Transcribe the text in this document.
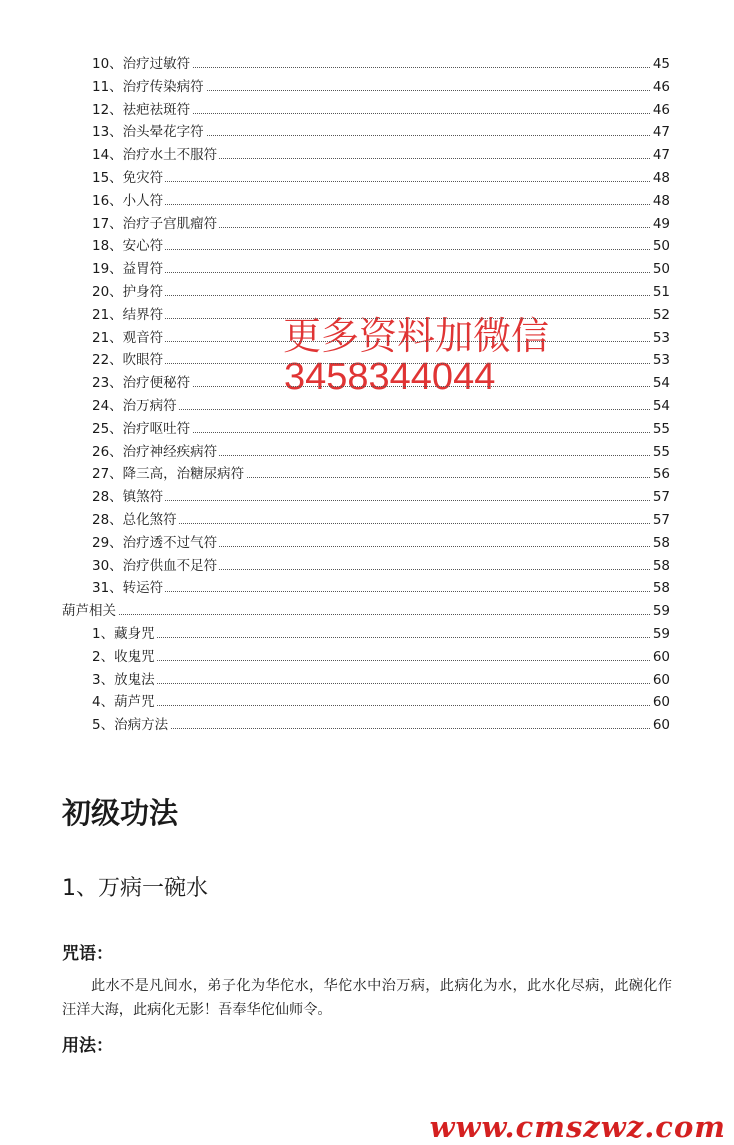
10、治疗过敏符	45
11、治疗传染病符	46
12、祛疤祛斑符	46
13、治头晕花字符	47
14、治疗水土不服符	47
15、免灾符	48
16、小人符	48
17、治疗子宫肌瘤符	49
18、安心符	50
19、益胃符	50
20、护身符	51
21、结界符	52
21、观音符	53
22、吹眼符	53
23、治疗便秘符	54
24、治万病符	54
25、治疗呕吐符	55
26、治疗神经疾病符	55
27、降三高，治糖尿病符	56
28、镇煞符	57
28、总化煞符	57
29、治疗透不过气符	58
30、治疗供血不足符	58
31、转运符	58
葫芦相关	59
1、藏身咒	59
2、收鬼咒	60
3、放鬼法	60
4、葫芦咒	60
5、治病方法	60
更多资料加微信
3458344044
初级功法
1、万病一碗水
咒语：
此水不是凡间水，弟子化为华佗水，华佗水中治万病，此病化为水，此水化尽病，此碗化作汪洋大海，此病化无影！吾奉华佗仙师令。
用法：
www.cmszwz.com
